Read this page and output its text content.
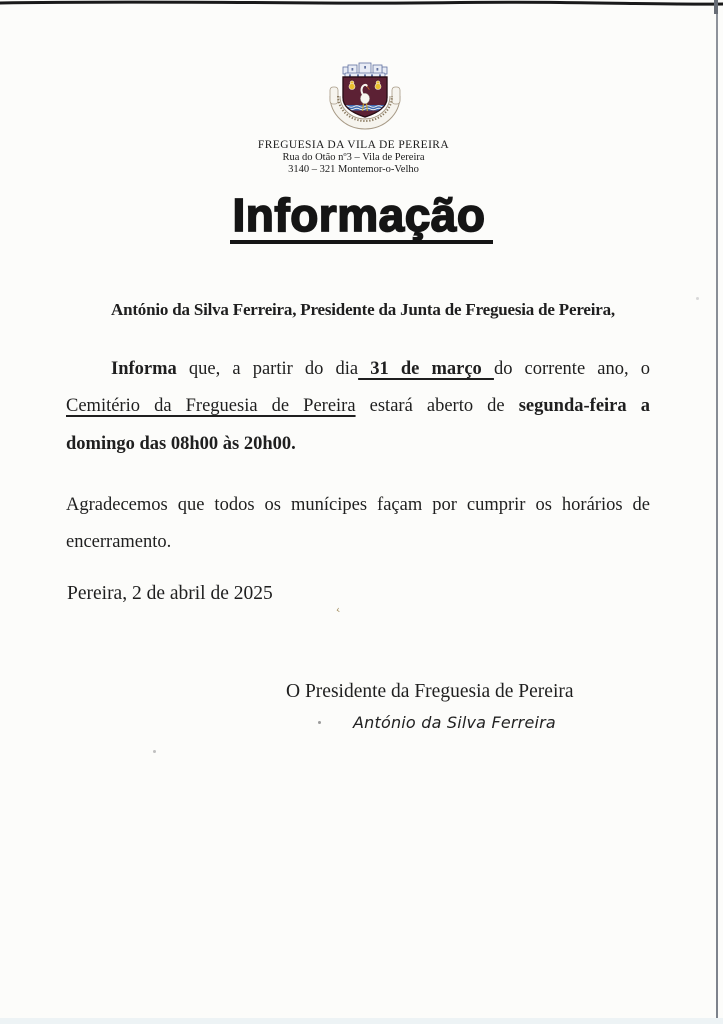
FREGUESIA DA VILA DE PEREIRA
Rua do Otão nº3 – Vila de Pereira
3140 – 321 Montemor-o-Velho
Informação
António da Silva Ferreira, Presidente da Junta de Freguesia de Pereira,
Informa que, a partir do dia 31 de março do corrente ano, o
Cemitério da Freguesia de Pereira estará aberto de segunda-feira a
domingo das 08h00 às 20h00.
Agradecemos que todos os munícipes façam por cumprir os horários de
encerramento.
Pereira, 2 de abril de 2025
O Presidente da Freguesia de Pereira
António da Silva Ferreira
‹
